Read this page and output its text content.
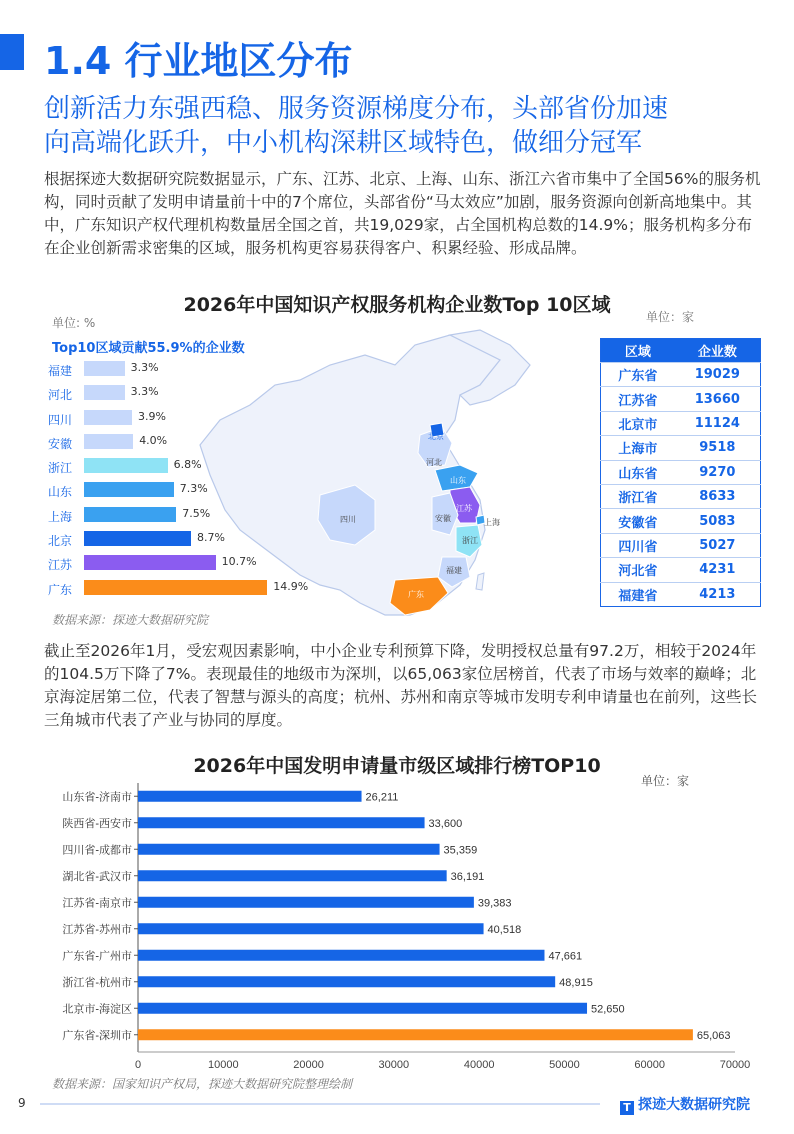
1.4 行业地区分布
创新活力东强西稳、服务资源梯度分布，头部省份加速
向高端化跃升，中小机构深耕区域特色，做细分冠军

根据探迹大数据研究院数据显示，广东、江苏、北京、上海、山东、浙江六省市集中了全国56%的服务机构，同时贡献了发明申请量前十中的7个席位，头部省份“马太效应”加剧，服务资源向创新高地集中。其中，广东知识产权代理机构数量居全国之首，共19,029家，占全国机构总数的14.9%；服务机构多分布在企业创新需求密集的区域，服务机构更容易获得客户、积累经验、形成品牌。

2026年中国知识产权服务机构企业数Top 10区域
单位: %	单位：家
Top10区域贡献55.9%的企业数
福建	3.3%
河北	3.3%
四川	3.9%
安徽	4.0%
浙江	6.8%
山东	7.3%
上海	7.5%
北京	8.7%
江苏	10.7%
广东	14.9%
北京
河北
山东
江苏
安徽	上海
四川
浙江
福建
广东
区域	企业数
广东省	19029
江苏省	13660
北京市	11124
上海市	9518
山东省	9270
浙江省	8633
安徽省	5083
四川省	5027
河北省	4231
福建省	4213
数据来源：探迹大数据研究院

截止至2026年1月，受宏观因素影响，中小企业专利预算下降，发明授权总量有97.2万，相较于2024年的104.5万下降了7%。表现最佳的地级市为深圳，以65,063家位居榜首，代表了市场与效率的巅峰；北京海淀居第二位，代表了智慧与源头的高度；杭州、苏州和南京等城市发明专利申请量也在前列，这些长三角城市代表了产业与协同的厚度。

2026年中国发明申请量市级区域排行榜TOP10
单位：家
0	10000	20000	30000	40000	50000	60000	70000
山东省-济南市	26,211
陕西省-西安市	33,600
四川省-成都市	35,359
湖北省-武汉市	36,191
江苏省-南京市	39,383
江苏省-苏州市	40,518
广东省-广州市	47,661
浙江省-杭州市	48,915
北京市-海淀区	52,650
广东省-深圳市	65,063
数据来源：国家知识产权局，探迹大数据研究院整理绘制
9	T 探迹大数据研究院
